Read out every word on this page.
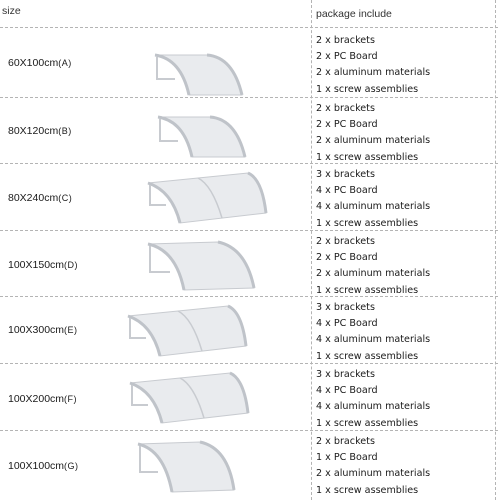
size	package include
60X100cm(A)
2 x brackets
2 x PC Board
2 x aluminum materials
1 x screw assemblies
80X120cm(B)
2 x brackets
2 x PC Board
2 x aluminum materials
1 x screw assemblies
80X240cm(C)
3 x brackets
4 x PC Board
4 x aluminum materials
1 x screw assemblies
100X150cm(D)
2 x brackets
2 x PC Board
2 x aluminum materials
1 x screw assemblies
100X300cm(E)
3 x brackets
4 x PC Board
4 x aluminum materials
1 x screw assemblies
100X200cm(F)
3 x brackets
4 x PC Board
4 x aluminum materials
1 x screw assemblies
100X100cm(G)
2 x brackets
1 x PC Board
2 x aluminum materials
1 x screw assemblies
